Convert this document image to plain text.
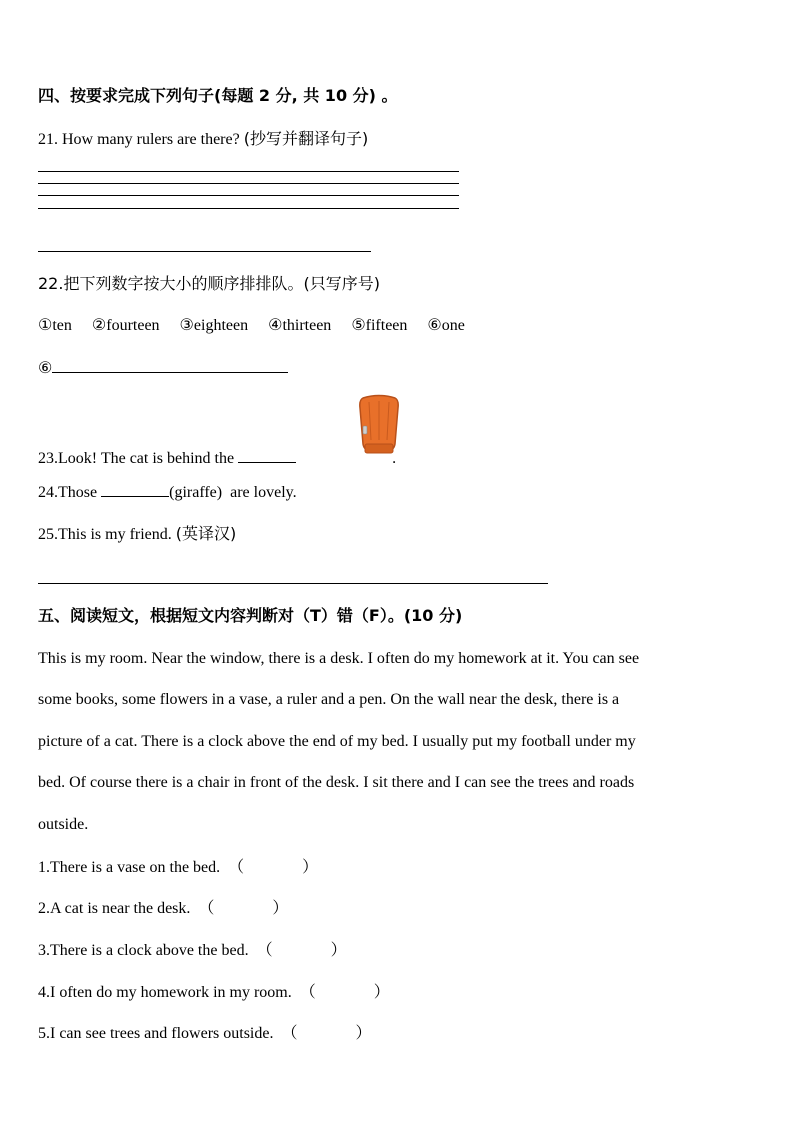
四、按要求完成下列句子(每题 2 分, 共 10 分) 。
21. How many rulers are there? (抄写并翻译句子)
22.把下列数字按大小的顺序排排队。(只写序号)
①ten ②fourteen ③eighteen ④thirteen ⑤fifteen ⑥one
⑥
23.Look! The cat is behind the	.
24.Those	(giraffe)  are lovely.
25.This is my friend. (英译汉)
五、阅读短文，根据短文内容判断对（T）错（F）。(10 分)
This is my room. Near the window, there is a desk. I often do my homework at it. You can see
some books, some flowers in a vase, a ruler and a pen. On the wall near the desk, there is a
picture of a cat. There is a clock above the end of my bed. I usually put my football under my
bed. Of course there is a chair in front of the desk. I sit there and I can see the trees and roads
outside.
1.There is a vase on the bed. （	）
2.A cat is near the desk. （	）
3.There is a clock above the bed. （	）
4.I often do my homework in my room. （	）
5.I can see trees and flowers outside. （	）
